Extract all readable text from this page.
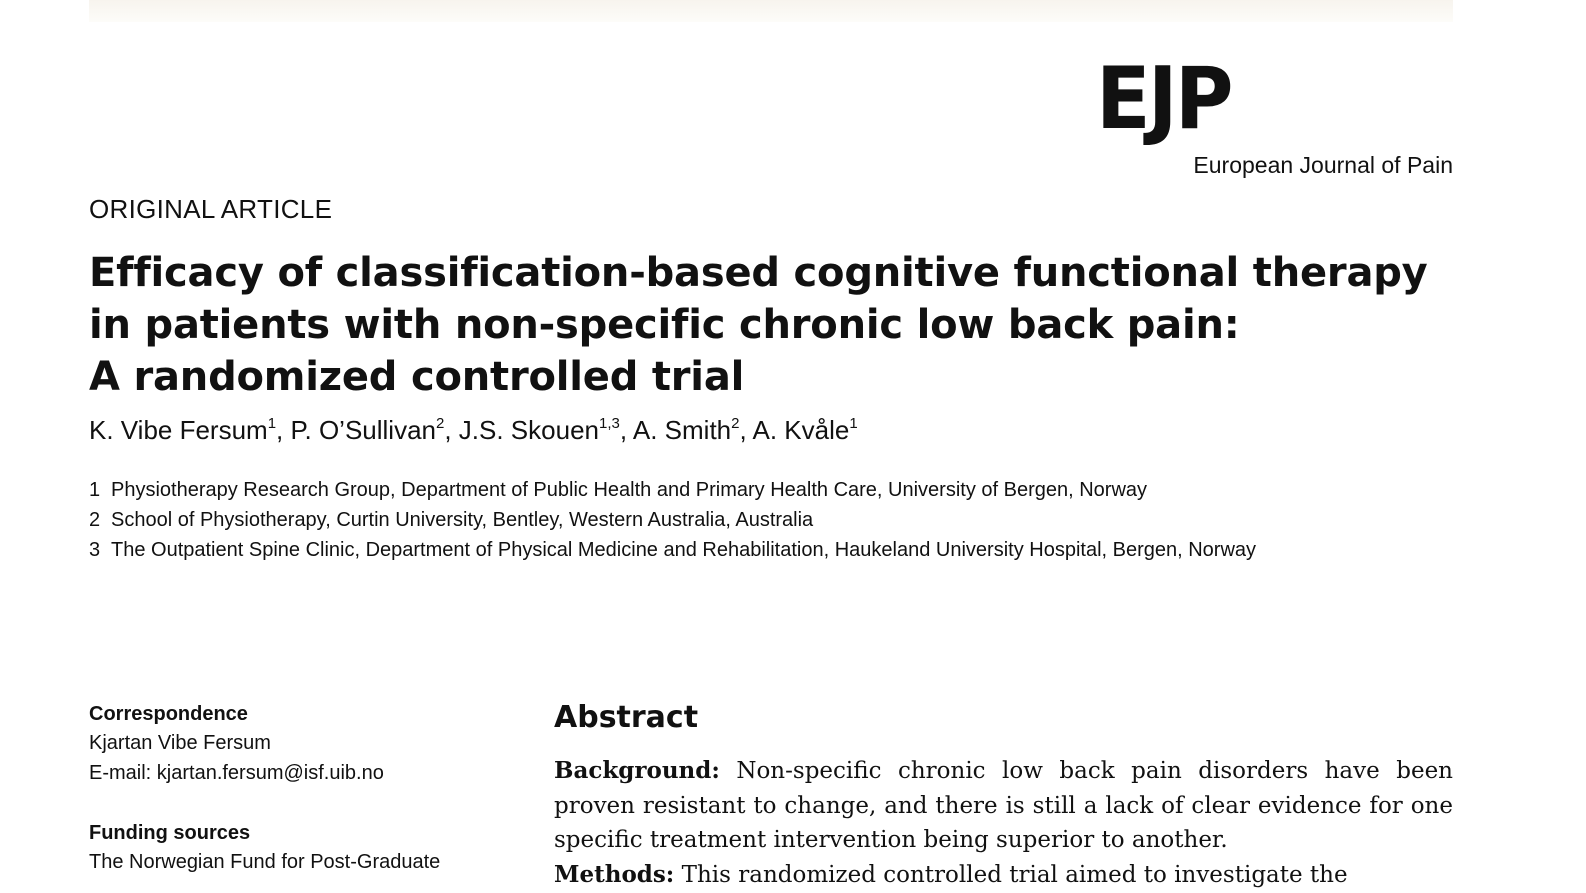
EJP
European Journal of Pain
ORIGINAL ARTICLE
Efficacy of classification-based cognitive functional therapy
in patients with non-specific chronic low back pain:
A randomized controlled trial
K. Vibe Fersum$^1$, P. O’Sullivan$^2$, J.S. Skouen$^{1,3}$, A. Smith$^2$, A. Kvåle$^1$
1 Physiotherapy Research Group, Department of Public Health and Primary Health Care, University of Bergen, Norway
2 School of Physiotherapy, Curtin University, Bentley, Western Australia, Australia
3 The Outpatient Spine Clinic, Department of Physical Medicine and Rehabilitation, Haukeland University Hospital, Bergen, Norway
Correspondence
Kjartan Vibe Fersum
E-mail: kjartan.fersum@isf.uib.no
Funding sources
The Norwegian Fund for Post-Graduate
Abstract

Background: Non-specific chronic low back pain disorders have been proven resistant to change, and there is still a lack of clear evidence for one specific treatment intervention being superior to another.

Methods: This randomized controlled trial aimed to investigate the
